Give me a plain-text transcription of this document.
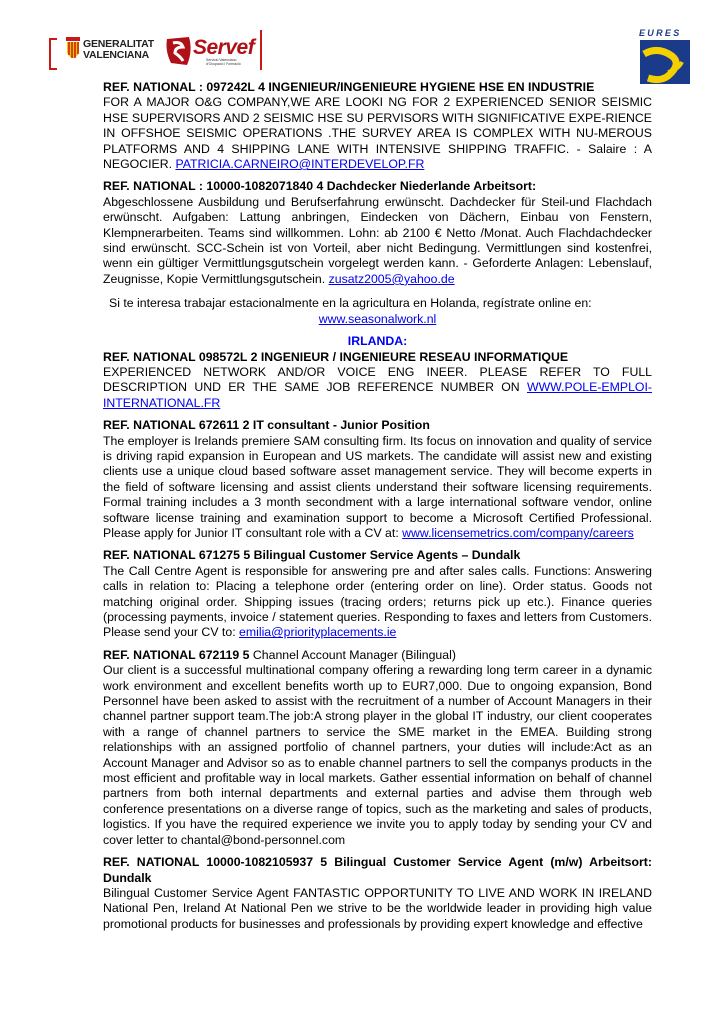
GENERALITAT
VALENCIANA Servef
Servicio Valenciano d'Ocupació i Formació
EURES

REF. NATIONAL : 097242L 4 INGENIEUR/INGENIEURE HYGIENE HSE EN INDUSTRIE

FOR A MAJOR O&G COMPANY,WE ARE LOOKI NG FOR 2 EXPERIENCED SENIOR SEISMIC HSE SUPERVISORS AND 2 SEISMIC HSE SU PERVISORS WITH SIGNIFICATIVE EXPE-RIENCE IN OFFSHOE SEISMIC OPERATIONS .THE SURVEY AREA IS COMPLEX WITH NU-MEROUS PLATFORMS AND 4 SHIPPING LANE WITH INTENSIVE SHIPPING TRAFFIC. - Salaire : A NEGOCIER. PATRICIA.CARNEIRO@INTERDEVELOP.FR

REF. NATIONAL : 10000-1082071840 4 Dachdecker Niederlande Arbeitsort:

Abgeschlossene Ausbildung und Berufserfahrung erwünscht. Dachdecker für Steil-und Flachdach erwünscht. Aufgaben: Lattung anbringen, Eindecken von Dächern, Einbau von Fenstern, Klempnerarbeiten. Teams sind willkommen. Lohn: ab 2100 € Netto /Monat. Auch Flachdachdecker sind erwünscht. SCC-Schein ist von Vorteil, aber nicht Bedingung. Vermittlungen sind kostenfrei, wenn ein gültiger Vermittlungsgutschein vorgelegt werden kann. - Geforderte Anlagen: Lebenslauf, Zeugnisse, Kopie Vermittlungsgutschein. zusatz2005@yahoo.de

Si te interesa trabajar estacionalmente en la agricultura en Holanda, regístrate online en:

www.seasonalwork.nl

IRLANDA:

REF. NATIONAL 098572L 2 INGENIEUR / INGENIEURE RESEAU INFORMATIQUE

EXPERIENCED NETWORK AND/OR VOICE ENG INEER. PLEASE REFER TO FULL DESCRIPTION UND ER THE SAME JOB REFERENCE NUMBER ON WWW.POLE-EMPLOI-INTERNATIONAL.FR

REF. NATIONAL 672611 2 IT consultant - Junior Position

The employer is Irelands premiere SAM consulting firm. Its focus on innovation and quality of service is driving rapid expansion in European and US markets. The candidate will assist new and existing clients use a unique cloud based software asset management service. They will become experts in the field of software licensing and assist clients understand their software licensing requirements. Formal training includes a 3 month secondment with a large international software vendor, online software license training and examination support to become a Microsoft Certified Professional. Please apply for Junior IT consultant role with a CV at: www.licensemetrics.com/company/careers

REF. NATIONAL 671275 5 Bilingual Customer Service Agents – Dundalk

The Call Centre Agent is responsible for answering pre and after sales calls. Functions: Answering calls in relation to: Placing a telephone order (entering order on line). Order status. Goods not matching original order. Shipping issues (tracing orders; returns pick up etc.). Finance queries (processing payments, invoice / statement queries. Responding to faxes and letters from Customers. Please send your CV to: emilia@priorityplacements.ie

REF. NATIONAL 672119 5 Channel Account Manager (Bilingual)

Our client is a successful multinational company offering a rewarding long term career in a dynamic work environment and excellent benefits worth up to EUR7,000. Due to ongoing expansion, Bond Personnel have been asked to assist with the recruitment of a number of Account Managers in their channel partner support team.The job:A strong player in the global IT industry, our client cooperates with a range of channel partners to service the SME market in the EMEA. Building strong relationships with an assigned portfolio of channel partners, your duties will include:Act as an Account Manager and Advisor so as to enable channel partners to sell the companys products in the most efficient and profitable way in local markets. Gather essential information on behalf of channel partners from both internal departments and external parties and advise them through web conference presentations on a diverse range of topics, such as the marketing and sales of products, logistics. If you have the required experience we invite you to apply today by sending your CV and cover letter to chantal@bond-personnel.com

REF. NATIONAL 10000-1082105937 5 Bilingual Customer Service Agent (m/w) Arbeitsort: Dundalk

Bilingual Customer Service Agent FANTASTIC OPPORTUNITY TO LIVE AND WORK IN IRELAND National Pen, Ireland At National Pen we strive to be the worldwide leader in providing high value promotional products for businesses and professionals by providing expert knowledge and effective
